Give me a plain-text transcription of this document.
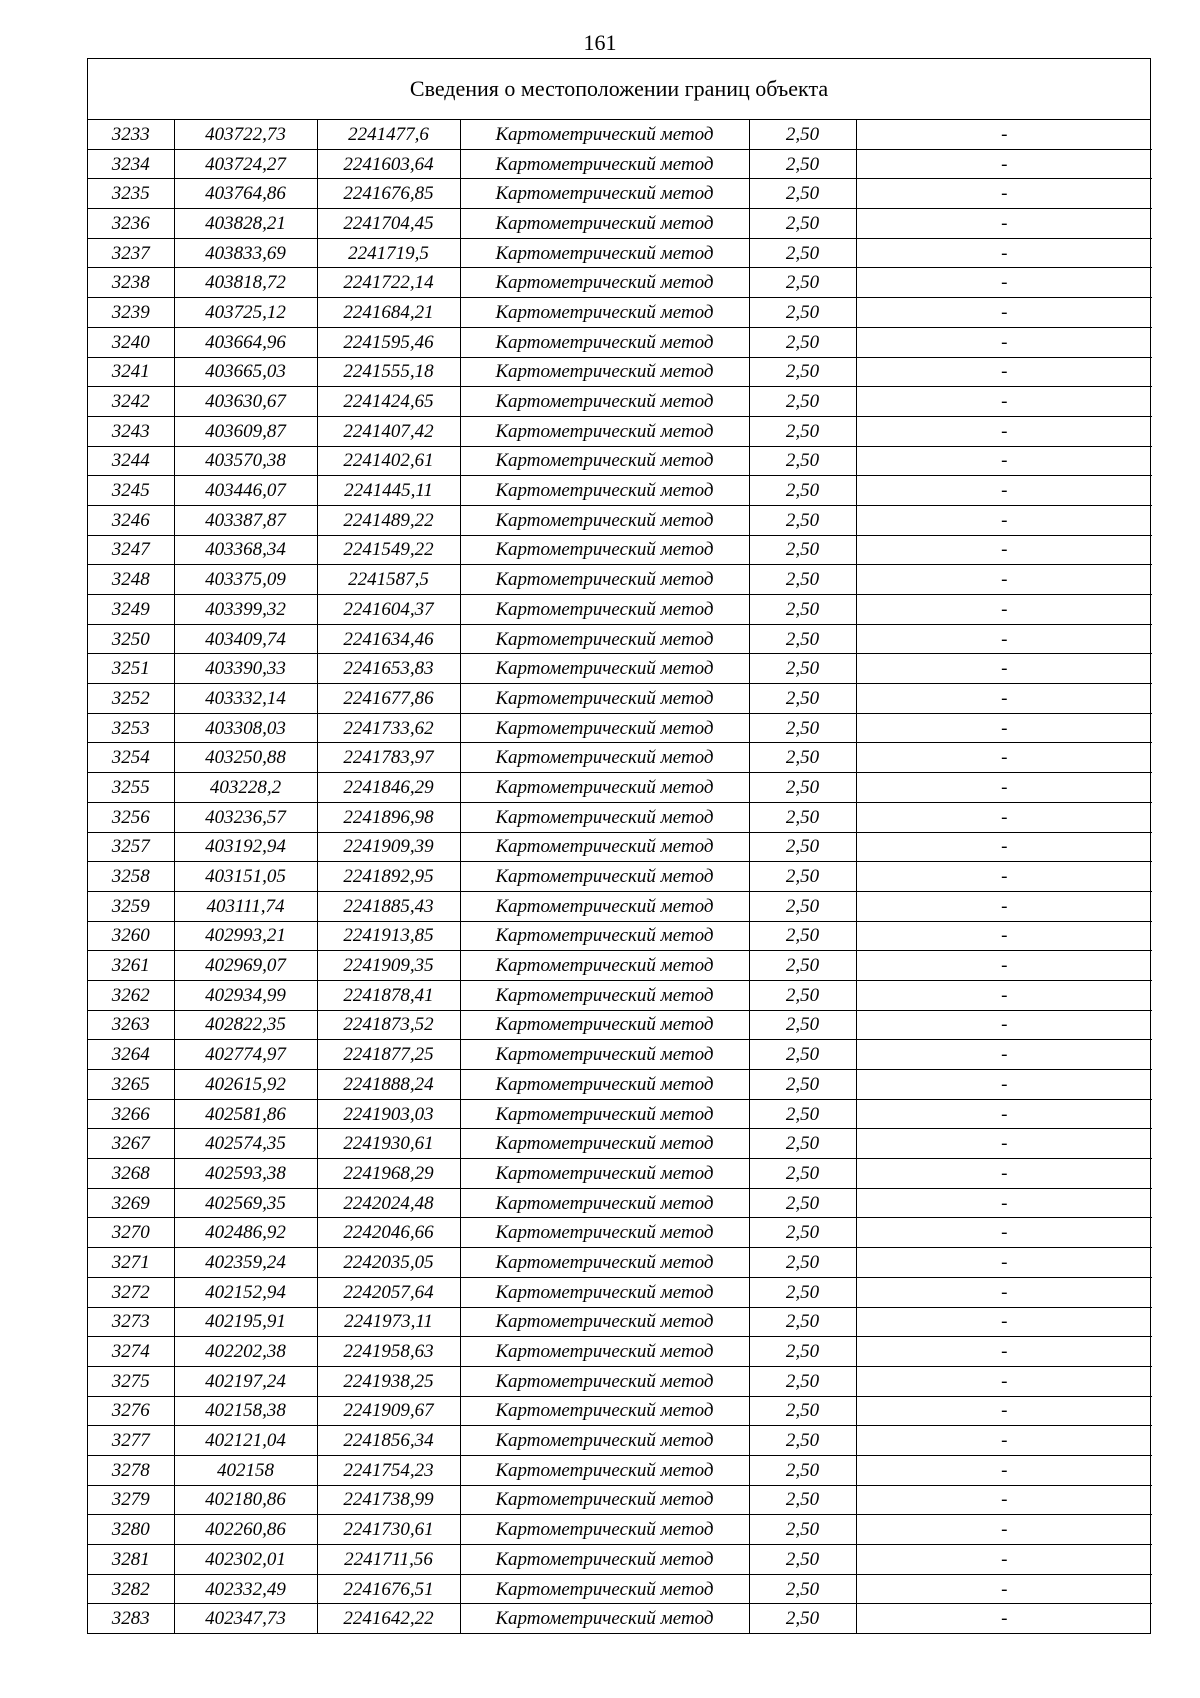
161
Сведения о местоположении границ объекта
3233	403722,73	2241477,6	Картометрический метод	2,50	-
3234	403724,27	2241603,64	Картометрический метод	2,50	-
3235	403764,86	2241676,85	Картометрический метод	2,50	-
3236	403828,21	2241704,45	Картометрический метод	2,50	-
3237	403833,69	2241719,5	Картометрический метод	2,50	-
3238	403818,72	2241722,14	Картометрический метод	2,50	-
3239	403725,12	2241684,21	Картометрический метод	2,50	-
3240	403664,96	2241595,46	Картометрический метод	2,50	-
3241	403665,03	2241555,18	Картометрический метод	2,50	-
3242	403630,67	2241424,65	Картометрический метод	2,50	-
3243	403609,87	2241407,42	Картометрический метод	2,50	-
3244	403570,38	2241402,61	Картометрический метод	2,50	-
3245	403446,07	2241445,11	Картометрический метод	2,50	-
3246	403387,87	2241489,22	Картометрический метод	2,50	-
3247	403368,34	2241549,22	Картометрический метод	2,50	-
3248	403375,09	2241587,5	Картометрический метод	2,50	-
3249	403399,32	2241604,37	Картометрический метод	2,50	-
3250	403409,74	2241634,46	Картометрический метод	2,50	-
3251	403390,33	2241653,83	Картометрический метод	2,50	-
3252	403332,14	2241677,86	Картометрический метод	2,50	-
3253	403308,03	2241733,62	Картометрический метод	2,50	-
3254	403250,88	2241783,97	Картометрический метод	2,50	-
3255	403228,2	2241846,29	Картометрический метод	2,50	-
3256	403236,57	2241896,98	Картометрический метод	2,50	-
3257	403192,94	2241909,39	Картометрический метод	2,50	-
3258	403151,05	2241892,95	Картометрический метод	2,50	-
3259	403111,74	2241885,43	Картометрический метод	2,50	-
3260	402993,21	2241913,85	Картометрический метод	2,50	-
3261	402969,07	2241909,35	Картометрический метод	2,50	-
3262	402934,99	2241878,41	Картометрический метод	2,50	-
3263	402822,35	2241873,52	Картометрический метод	2,50	-
3264	402774,97	2241877,25	Картометрический метод	2,50	-
3265	402615,92	2241888,24	Картометрический метод	2,50	-
3266	402581,86	2241903,03	Картометрический метод	2,50	-
3267	402574,35	2241930,61	Картометрический метод	2,50	-
3268	402593,38	2241968,29	Картометрический метод	2,50	-
3269	402569,35	2242024,48	Картометрический метод	2,50	-
3270	402486,92	2242046,66	Картометрический метод	2,50	-
3271	402359,24	2242035,05	Картометрический метод	2,50	-
3272	402152,94	2242057,64	Картометрический метод	2,50	-
3273	402195,91	2241973,11	Картометрический метод	2,50	-
3274	402202,38	2241958,63	Картометрический метод	2,50	-
3275	402197,24	2241938,25	Картометрический метод	2,50	-
3276	402158,38	2241909,67	Картометрический метод	2,50	-
3277	402121,04	2241856,34	Картометрический метод	2,50	-
3278	402158	2241754,23	Картометрический метод	2,50	-
3279	402180,86	2241738,99	Картометрический метод	2,50	-
3280	402260,86	2241730,61	Картометрический метод	2,50	-
3281	402302,01	2241711,56	Картометрический метод	2,50	-
3282	402332,49	2241676,51	Картометрический метод	2,50	-
3283	402347,73	2241642,22	Картометрический метод	2,50	-
